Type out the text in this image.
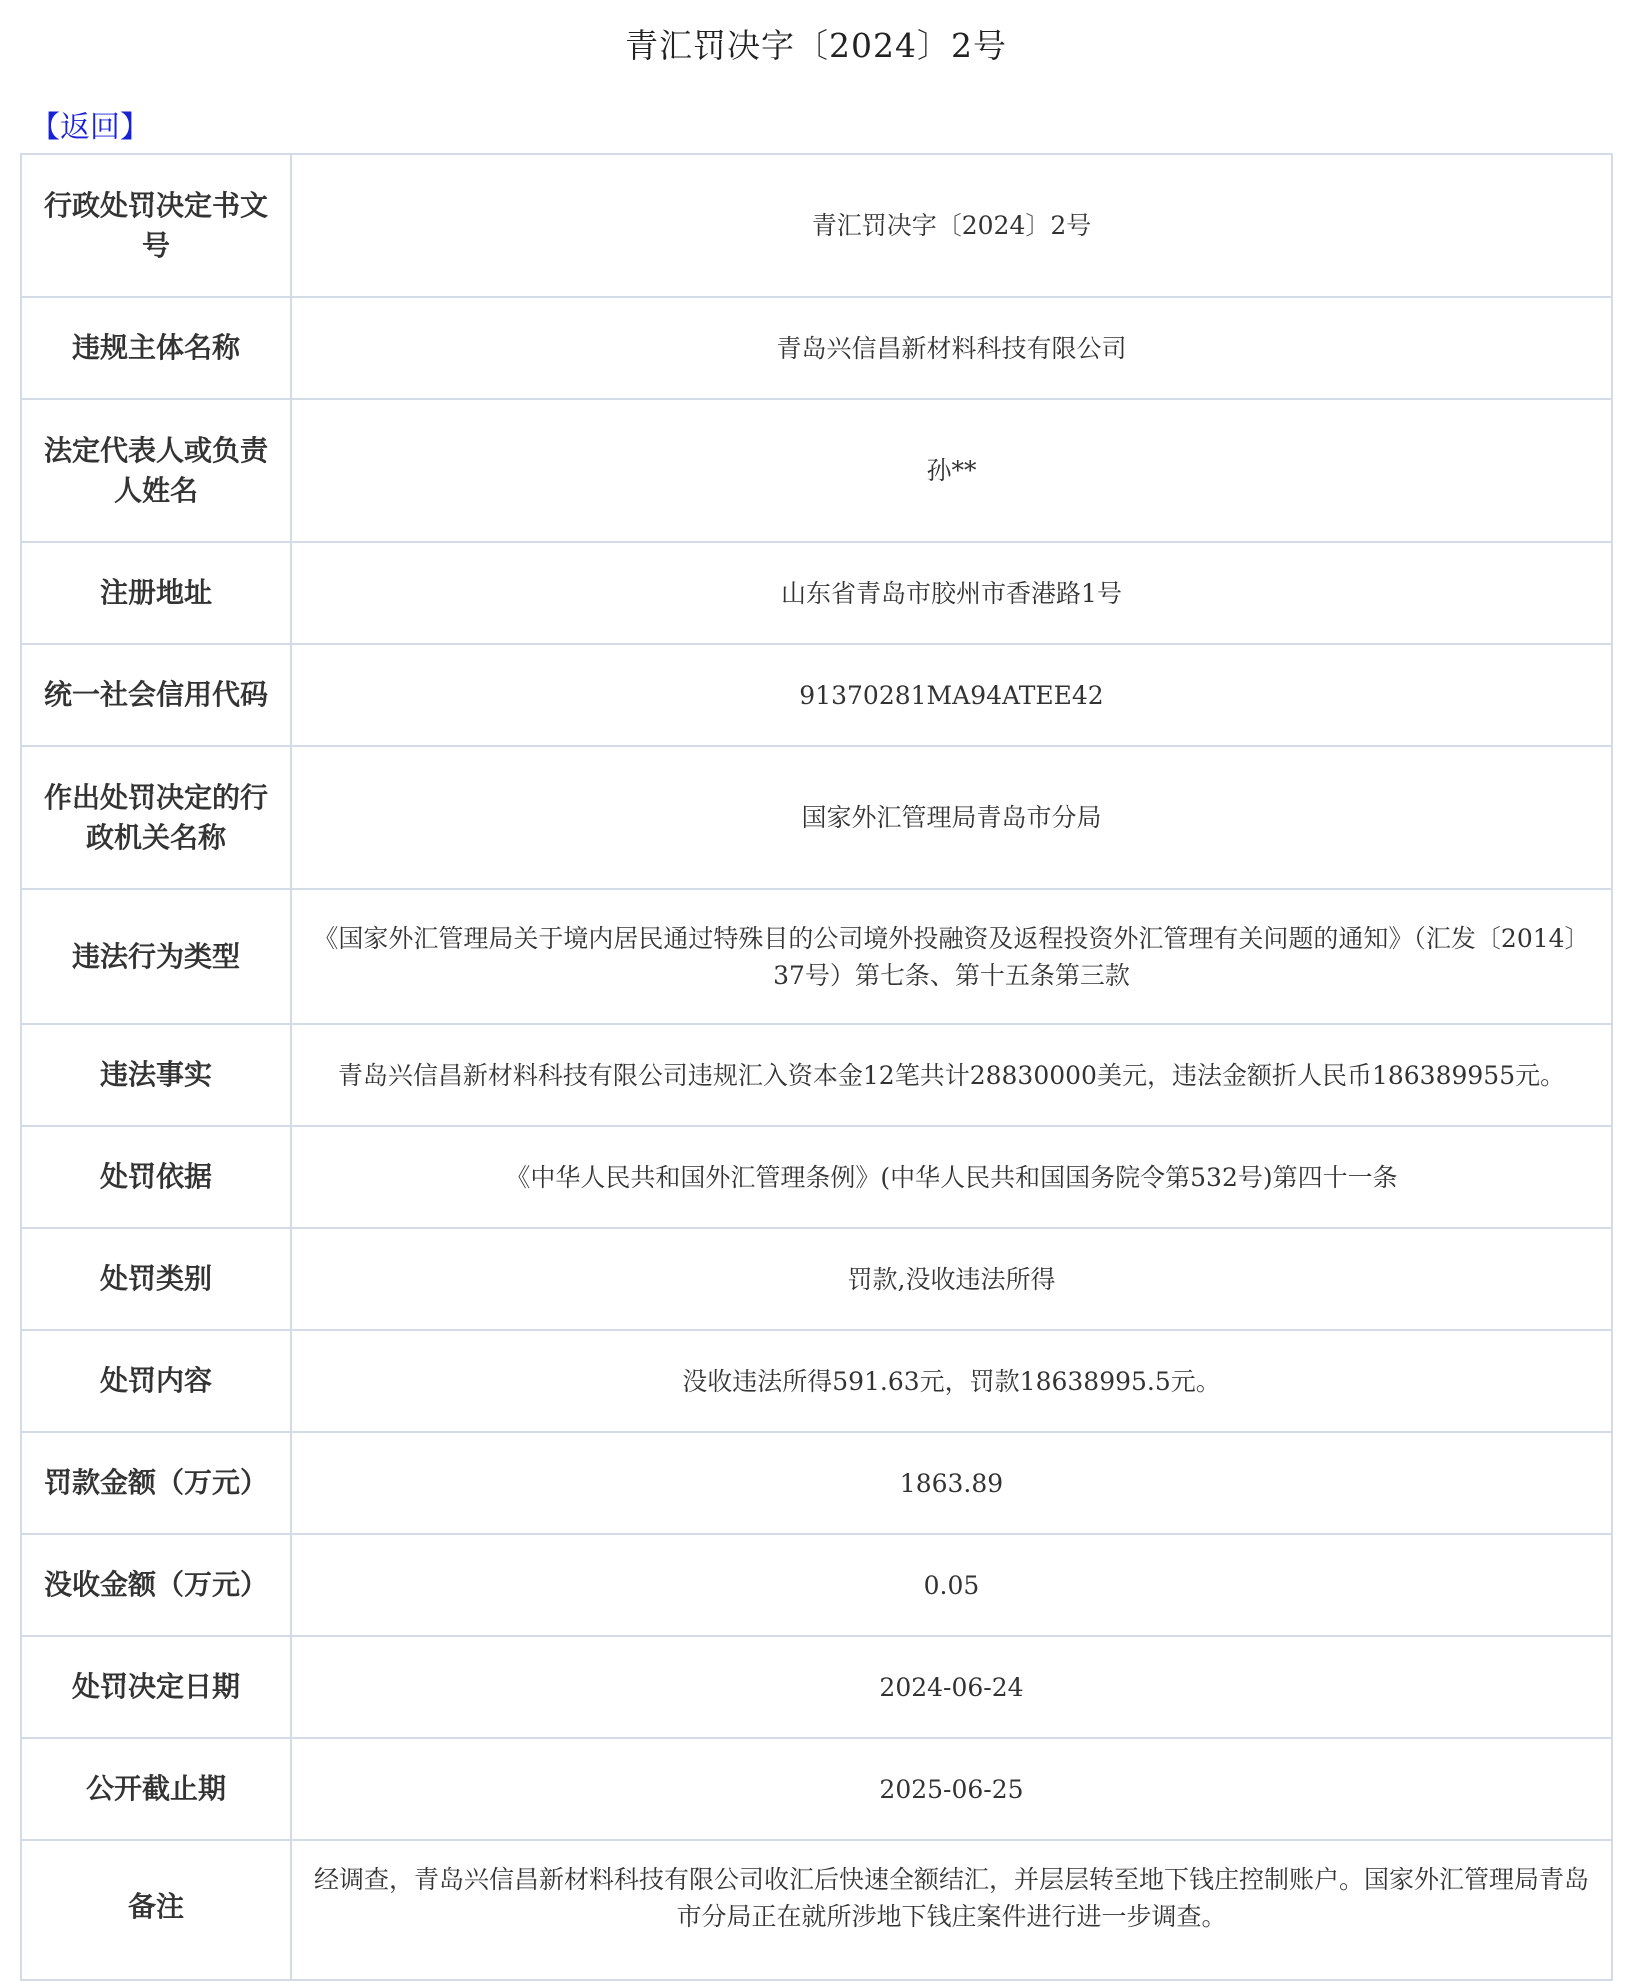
青汇罚决字〔2024〕2号
【返回】
行政处罚决定书文号	青汇罚决字〔2024〕2号
违规主体名称	青岛兴信昌新材料科技有限公司
法定代表人或负责人姓名	孙**
注册地址	山东省青岛市胶州市香港路1号
统一社会信用代码	91370281MA94ATEE42
作出处罚决定的行政机关名称	国家外汇管理局青岛市分局
违法行为类型	《国家外汇管理局关于境内居民通过特殊目的公司境外投融资及返程投资外汇管理有关问题的通知》（汇发〔2014〕37号）第七条、第十五条第三款
违法事实	青岛兴信昌新材料科技有限公司违规汇入资本金12笔共计28830000美元，违法金额折人民币186389955元。
处罚依据	《中华人民共和国外汇管理条例》(中华人民共和国国务院令第532号)第四十一条
处罚类别	罚款,没收违法所得
处罚内容	没收违法所得591.63元，罚款18638995.5元。
罚款金额（万元）	1863.89
没收金额（万元）	0.05
处罚决定日期	2024-06-24
公开截止期	2025-06-25
备注	经调查，青岛兴信昌新材料科技有限公司收汇后快速全额结汇，并层层转至地下钱庄控制账户。国家外汇管理局青岛市分局正在就所涉地下钱庄案件进行进一步调查。
